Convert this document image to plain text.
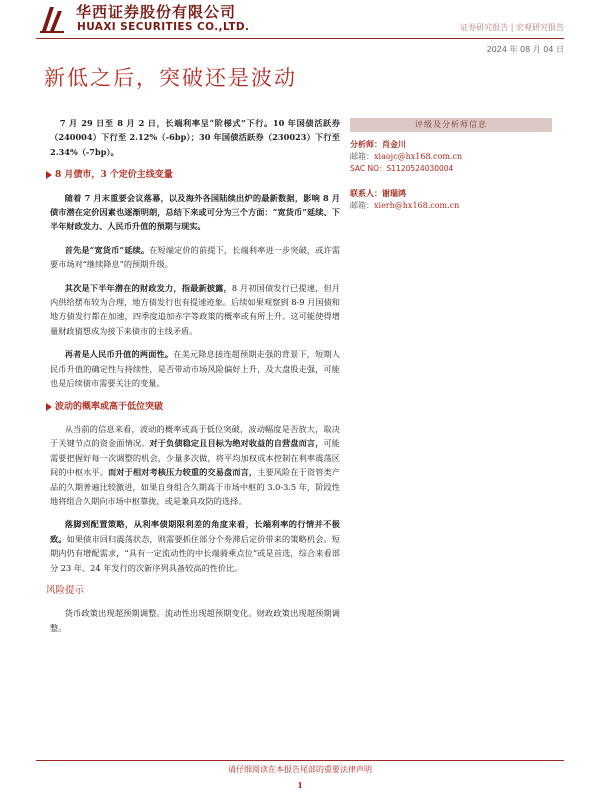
华西证券股份有限公司
HUAXI SECURITIES CO.,LTD.	证券研究报告 | 宏观研究报告
2024 年 08 月 04 日
新低之后，突破还是波动

7 月 29 日至 8 月 2 日，长端利率呈“阶梯式”下行。10 年国债活跃券（240004）下行至 2.12%（-6bp）；30 年国债活跃券（230023）下行至 2.34%（-7bp）。

8 月债市，3 个定价主线变量

随着 7 月末重要会议落幕，以及海外各国陆续出炉的最新数据，影响 8 月债市潜在定价因素也逐渐明朗，总结下来或可分为三个方面：“宽货币”延续、下半年财政发力、人民币升值的预期与现实。

首先是“宽货币”延续。在短端定价的前提下，长端利率进一步突破，或许需要市场对“继续降息”的预期升级。

其次是下半年潜在的财政发力，指最新披露，8 月初国债发行已提速，但月内供给摆布较为合理，地方债发行也有提速迹象。后续如果观察到 8-9 月国债和地方债发行都在加速，四季度追加赤字等政策的概率或有所上升。这可能使得增量财政猜想成为接下来债市的主线矛盾。

再者是人民币升值的两面性。在美元降息接连超预期走强的背景下，短期人民币升值的确定性与持续性，是否带动市场风险偏好上升，及大盘股走强，可能也是后续债市需要关注的变量。

波动的概率或高于低位突破

从当前的信息来看，波动的概率或高于低位突破，波动幅度是否放大，取决于关键节点的资金面情况。对于负债稳定且目标为绝对收益的自营盘而言，可能需要把握好每一次调整的机会，少量多次做，将平均加权成本控制在利率震荡区间的中枢水平。而对于相对考核压力较重的交易盘而言，主要风险在于资管类产品的久期普遍比较激进，如果自身组合久期高于市场中枢的 3.0-3.5 年，阶段性地将组合久期向市场中枢靠拢，或是兼具攻防的选择。

落脚到配置策略，从利率债期限利差的角度来看，长端利率的行情并不极致。如果债市回归震荡状态，则需要抓住部分个券滞后定价带来的策略机会。短期内仍有增配需求，“具有一定流动性的中长端骑乘点位”或是首选，综合来看部分 23 年、24 年发行的次新序列具备较高的性价比。

风险提示

货币政策出现超预期调整。流动性出现超预期变化。财政政策出现超预期调整。

评级及分析师信息
分析师：肖金川
邮箱：xiaojc@hx168.com.cn
SAC NO：S1120524030004
联系人：谢瑞鸿
邮箱：xierh@hx168.com.cn
请仔细阅读在本报告尾部的重要法律声明
1
